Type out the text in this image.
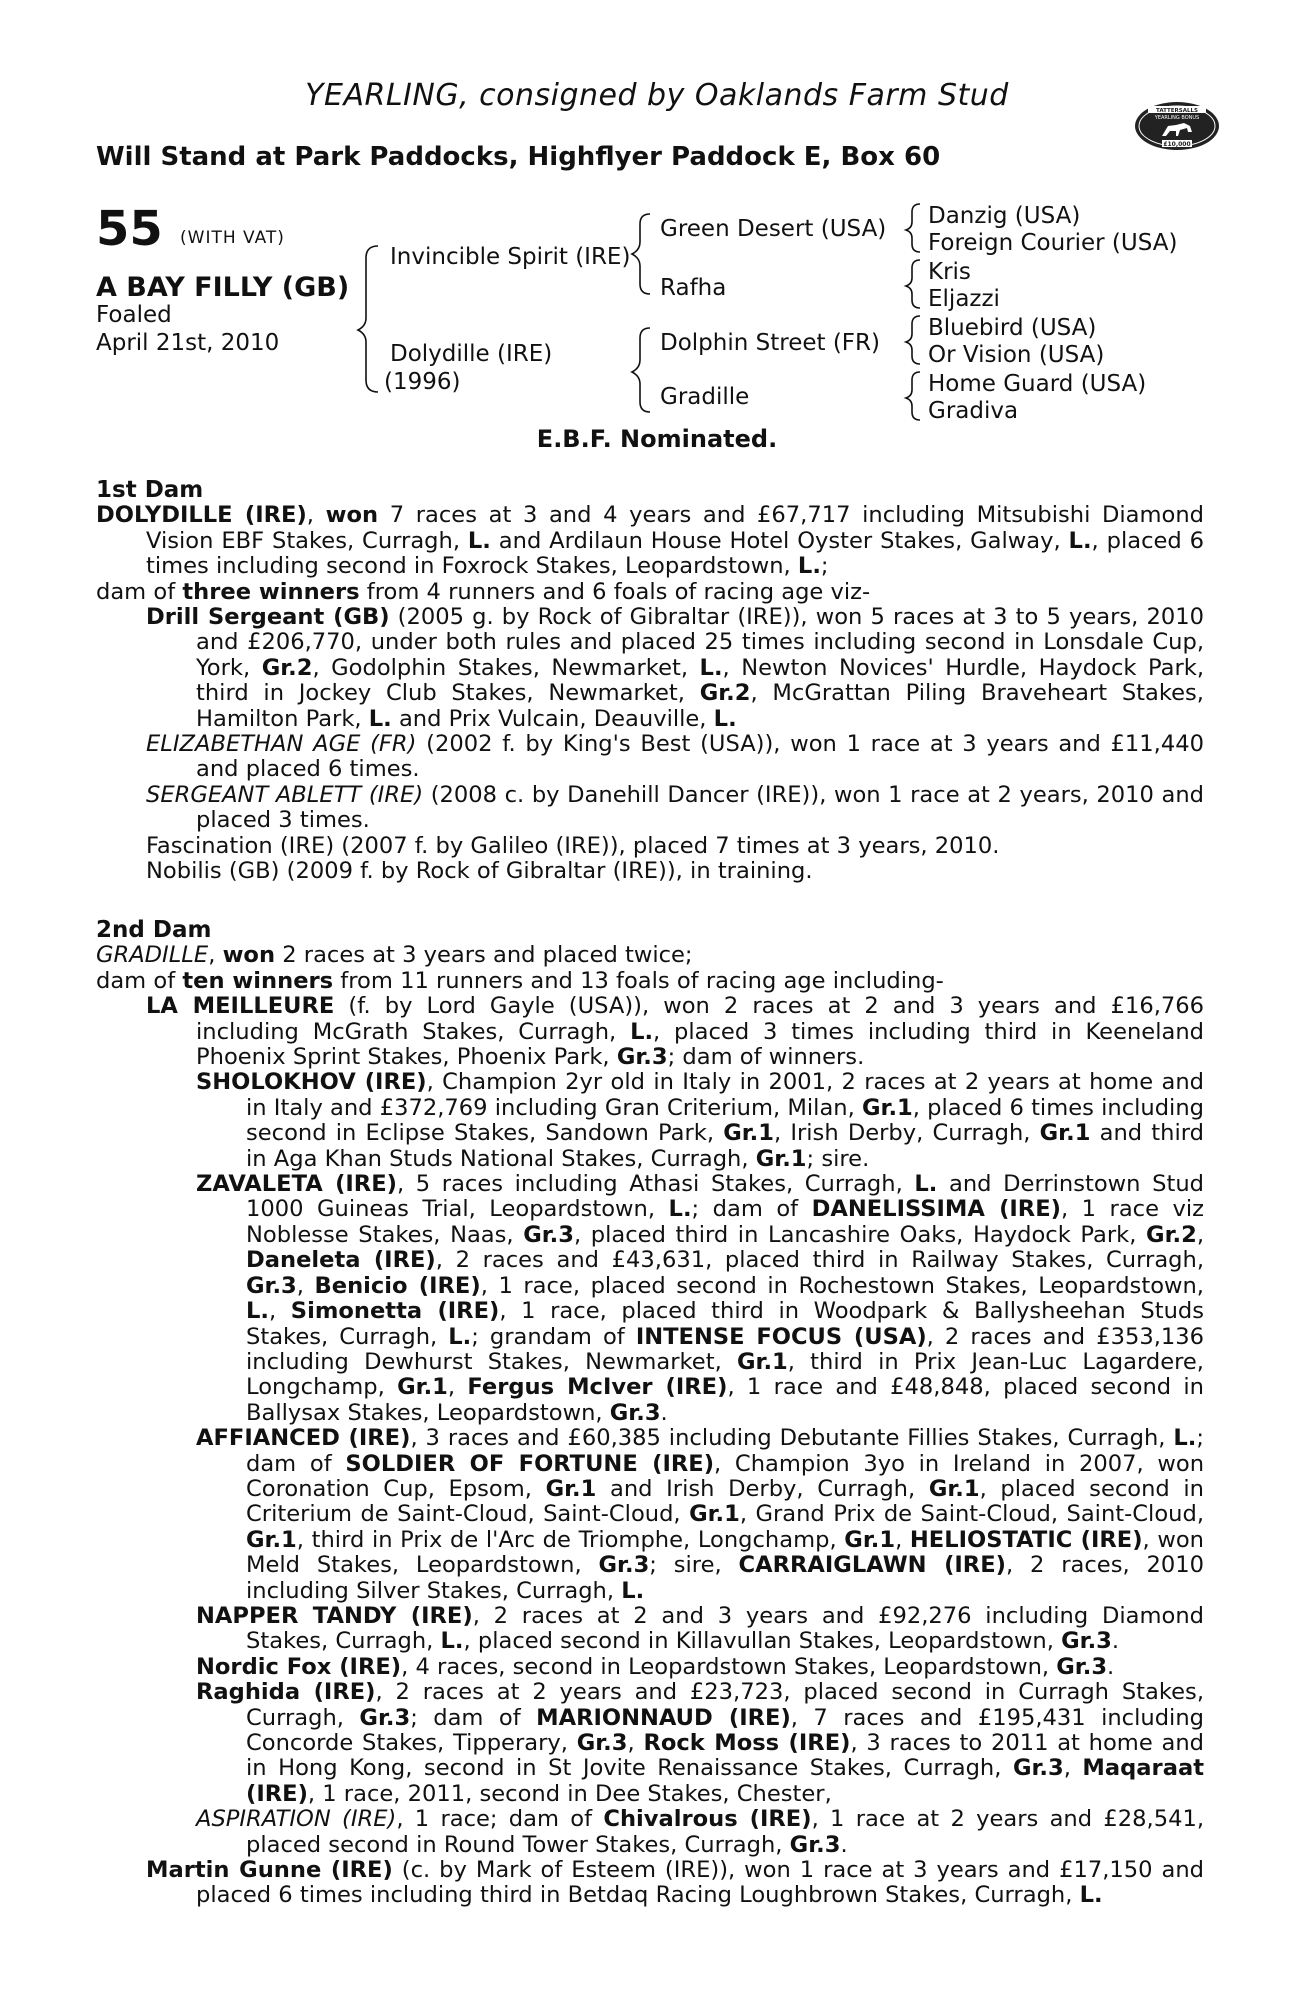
YEARLING, consigned by Oaklands Farm Stud
Will Stand at Park Paddocks, Highflyer Paddock E, Box 60
TATTERSALLS
YEARLING BONUS
£10,000
55 (WITH VAT)
A BAY FILLY (GB)
Foaled
April 21st, 2010
Invincible Spirit (IRE)
Dolydille (IRE)
(1996)
Green Desert (USA)
Rafha
Dolphin Street (FR)
Gradille
Danzig (USA)
Foreign Courier (USA)
Kris
Eljazzi
Bluebird (USA)
Or Vision (USA)
Home Guard (USA)
Gradiva
E.B.F. Nominated.

1st Dam

DOLYDILLE (IRE), won 7 races at 3 and 4 years and £67,717 including Mitsubishi Diamond Vision EBF Stakes, Curragh, L. and Ardilaun House Hotel Oyster Stakes, Galway, L., placed 6 times including second in Foxrock Stakes, Leopardstown, L.;

dam of three winners from 4 runners and 6 foals of racing age viz-

Drill Sergeant (GB) (2005 g. by Rock of Gibraltar (IRE)), won 5 races at 3 to 5 years, 2010 and £206,770, under both rules and placed 25 times including second in Lonsdale Cup, York, Gr.2, Godolphin Stakes, Newmarket, L., Newton Novices' Hurdle, Haydock Park, third in Jockey Club Stakes, Newmarket, Gr.2, McGrattan Piling Braveheart Stakes, Hamilton Park, L. and Prix Vulcain, Deauville, L.

ELIZABETHAN AGE (FR) (2002 f. by King's Best (USA)), won 1 race at 3 years and £11,440 and placed 6 times.

SERGEANT ABLETT (IRE) (2008 c. by Danehill Dancer (IRE)), won 1 race at 2 years, 2010 and placed 3 times.

Fascination (IRE) (2007 f. by Galileo (IRE)), placed 7 times at 3 years, 2010.

Nobilis (GB) (2009 f. by Rock of Gibraltar (IRE)), in training.

2nd Dam

GRADILLE, won 2 races at 3 years and placed twice;

dam of ten winners from 11 runners and 13 foals of racing age including-

LA MEILLEURE (f. by Lord Gayle (USA)), won 2 races at 2 and 3 years and £16,766 including McGrath Stakes, Curragh, L., placed 3 times including third in Keeneland Phoenix Sprint Stakes, Phoenix Park, Gr.3; dam of winners.

SHOLOKHOV (IRE), Champion 2yr old in Italy in 2001, 2 races at 2 years at home and in Italy and £372,769 including Gran Criterium, Milan, Gr.1, placed 6 times including second in Eclipse Stakes, Sandown Park, Gr.1, Irish Derby, Curragh, Gr.1 and third in Aga Khan Studs National Stakes, Curragh, Gr.1; sire.

ZAVALETA (IRE), 5 races including Athasi Stakes, Curragh, L. and Derrinstown Stud 1000 Guineas Trial, Leopardstown, L.; dam of DANELISSIMA (IRE), 1 race viz Noblesse Stakes, Naas, Gr.3, placed third in Lancashire Oaks, Haydock Park, Gr.2, Daneleta (IRE), 2 races and £43,631, placed third in Railway Stakes, Curragh, Gr.3, Benicio (IRE), 1 race, placed second in Rochestown Stakes, Leopardstown, L., Simonetta (IRE), 1 race, placed third in Woodpark & Ballysheehan Studs Stakes, Curragh, L.; grandam of INTENSE FOCUS (USA), 2 races and £353,136 including Dewhurst Stakes, Newmarket, Gr.1, third in Prix Jean-Luc Lagardere, Longchamp, Gr.1, Fergus McIver (IRE), 1 race and £48,848, placed second in Ballysax Stakes, Leopardstown, Gr.3.

AFFIANCED (IRE), 3 races and £60,385 including Debutante Fillies Stakes, Curragh, L.; dam of SOLDIER OF FORTUNE (IRE), Champion 3yo in Ireland in 2007, won Coronation Cup, Epsom, Gr.1 and Irish Derby, Curragh, Gr.1, placed second in Criterium de Saint-Cloud, Saint-Cloud, Gr.1, Grand Prix de Saint-Cloud, Saint-Cloud, Gr.1, third in Prix de l'Arc de Triomphe, Longchamp, Gr.1, HELIOSTATIC (IRE), won Meld Stakes, Leopardstown, Gr.3; sire, CARRAIGLAWN (IRE), 2 races, 2010 including Silver Stakes, Curragh, L.

NAPPER TANDY (IRE), 2 races at 2 and 3 years and £92,276 including Diamond Stakes, Curragh, L., placed second in Killavullan Stakes, Leopardstown, Gr.3.

Nordic Fox (IRE), 4 races, second in Leopardstown Stakes, Leopardstown, Gr.3.

Raghida (IRE), 2 races at 2 years and £23,723, placed second in Curragh Stakes, Curragh, Gr.3; dam of MARIONNAUD (IRE), 7 races and £195,431 including Concorde Stakes, Tipperary, Gr.3, Rock Moss (IRE), 3 races to 2011 at home and in Hong Kong, second in St Jovite Renaissance Stakes, Curragh, Gr.3, Maqaraat (IRE), 1 race, 2011, second in Dee Stakes, Chester,

ASPIRATION (IRE), 1 race; dam of Chivalrous (IRE), 1 race at 2 years and £28,541, placed second in Round Tower Stakes, Curragh, Gr.3.

Martin Gunne (IRE) (c. by Mark of Esteem (IRE)), won 1 race at 3 years and £17,150 and placed 6 times including third in Betdaq Racing Loughbrown Stakes, Curragh, L.
